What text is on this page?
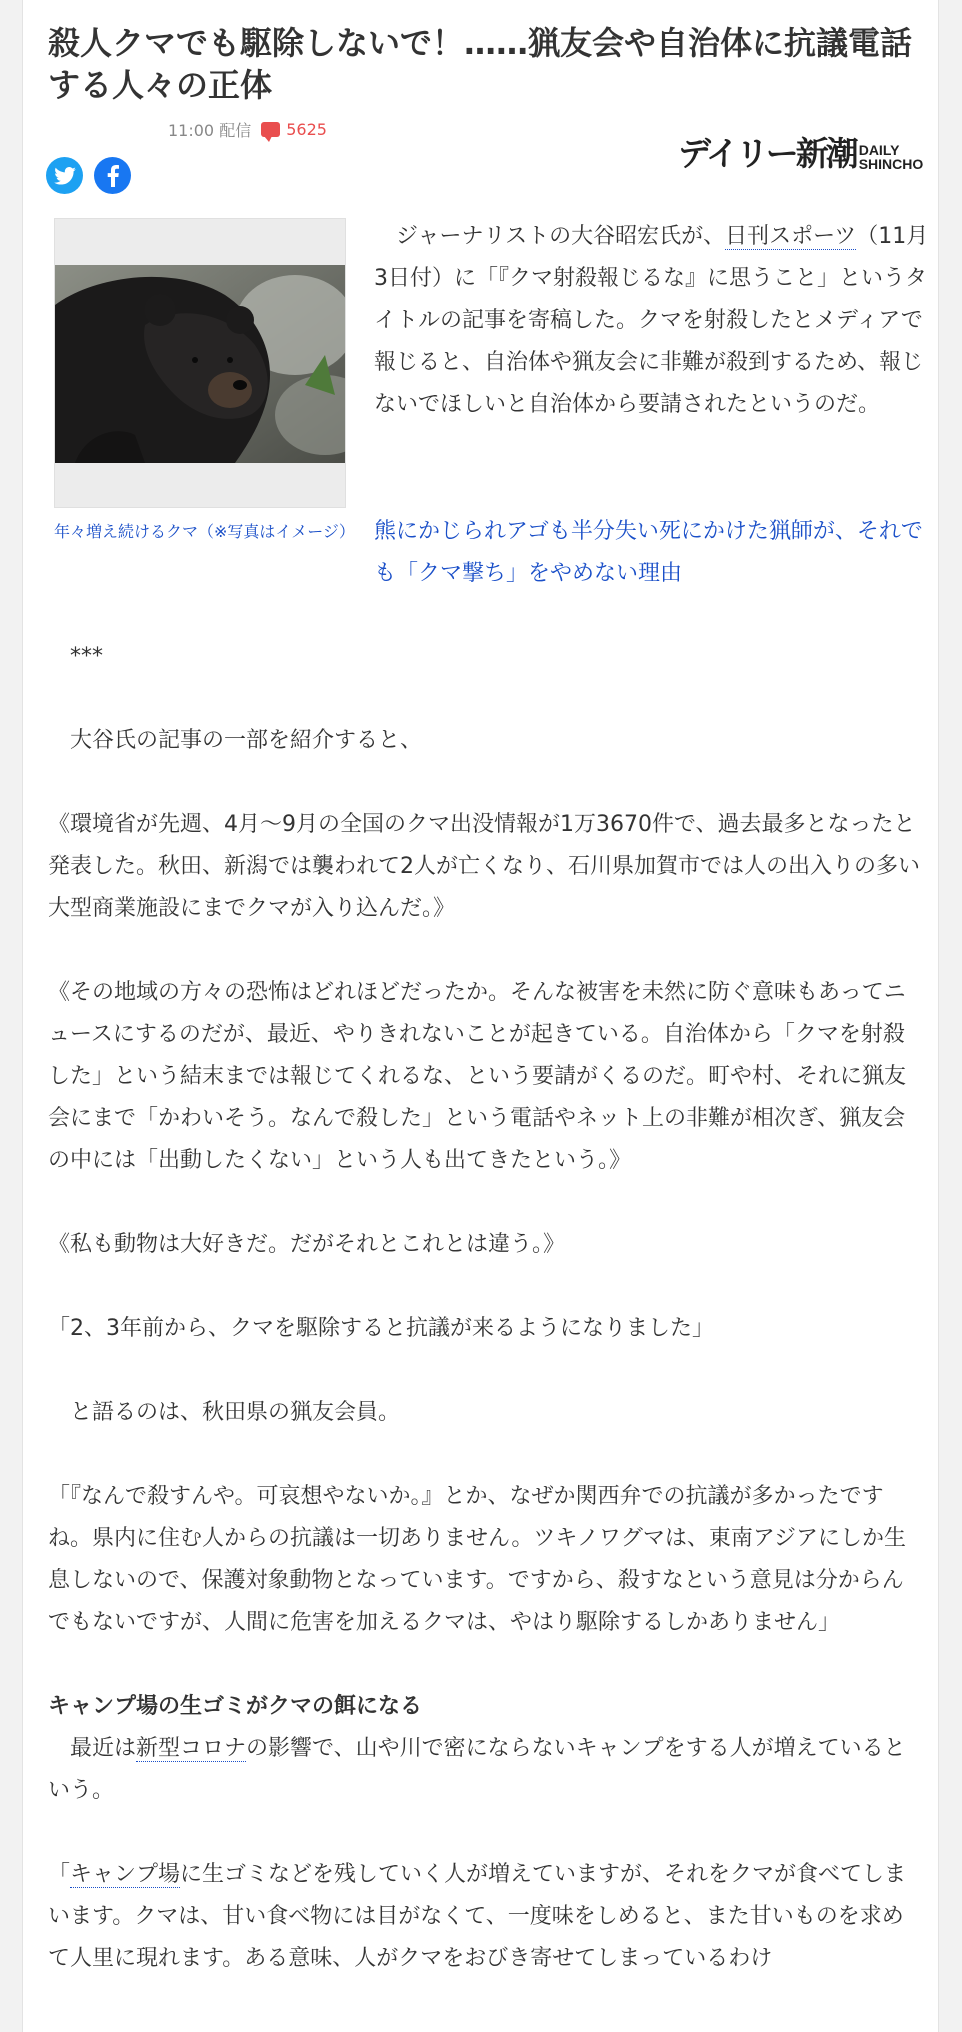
殺人クマでも駆除しないで！……猟友会や自治体に抗議電話する人々の正体
11:00 配信 5625
デイリー新潮 DAILY
SHINCHO
年々増え続けるクマ（※写真はイメージ）

　ジャーナリストの大谷昭宏氏が、日刊スポーツ（11月3日付）に「『クマ射殺報じるな』に思うこと」というタイトルの記事を寄稿した。クマを射殺したとメディアで報じると、自治体や猟友会に非難が殺到するため、報じないでほしいと自治体から要請されたというのだ。

熊にかじられアゴも半分失い死にかけた猟師が、それでも「クマ撃ち」をやめない理由

　***

　大谷氏の記事の一部を紹介すると、

《環境省が先週、4月～9月の全国のクマ出没情報が1万3670件で、過去最多となったと発表した。秋田、新潟では襲われて2人が亡くなり、石川県加賀市では人の出入りの多い大型商業施設にまでクマが入り込んだ。》

《その地域の方々の恐怖はどれほどだったか。そんな被害を未然に防ぐ意味もあってニュースにするのだが、最近、やりきれないことが起きている。自治体から「クマを射殺した」という結末までは報じてくれるな、という要請がくるのだ。町や村、それに猟友会にまで「かわいそう。なんで殺した」という電話やネット上の非難が相次ぎ、猟友会の中には「出動したくない」という人も出てきたという。》

《私も動物は大好きだ。だがそれとこれとは違う。》

「2、3年前から、クマを駆除すると抗議が来るようになりました」

　と語るのは、秋田県の猟友会員。

「『なんで殺すんや。可哀想やないか。』とか、なぜか関西弁での抗議が多かったですね。県内に住む人からの抗議は一切ありません。ツキノワグマは、東南アジアにしか生息しないので、保護対象動物となっています。ですから、殺すなという意見は分からんでもないですが、人間に危害を加えるクマは、やはり駆除するしかありません」

キャンプ場の生ゴミがクマの餌になる

　最近は新型コロナの影響で、山や川で密にならないキャンプをする人が増えているという。

「キャンプ場に生ゴミなどを残していく人が増えていますが、それをクマが食べてしまいます。クマは、甘い食べ物には目がなくて、一度味をしめると、また甘いものを求めて人里に現れます。ある意味、人がクマをおびき寄せてしまっているわけ
